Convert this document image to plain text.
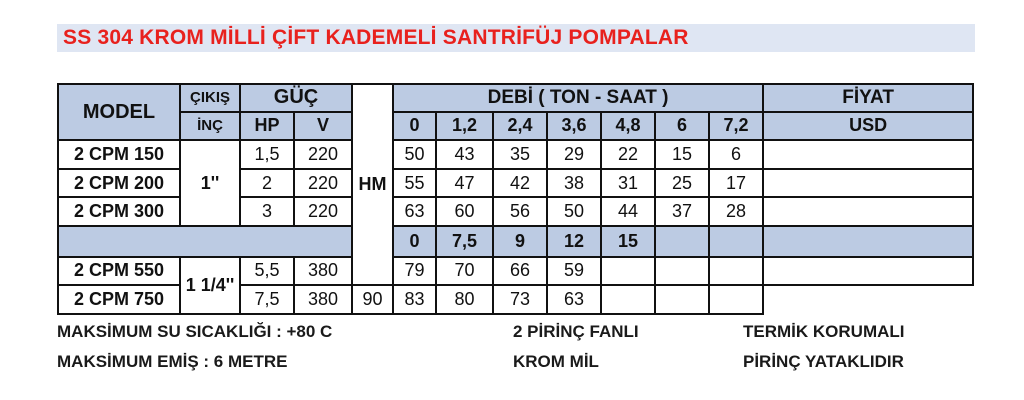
SS 304 KROM MİLLİ ÇİFT KADEMELİ SANTRİFÜJ POMPALAR
MODEL	ÇIKIŞ	GÜÇ		HM	DEBİ ( TON - SAAT )							FİYAT
	İNÇ	HP	V		0	1,2	2,4	3,6	4,8	6	7,2	USD
2 CPM 150	1''	1,5	220		50	43	35	29	22	15	6	
2 CPM 200		2	220		55	47	42	38	31	25	17	
2 CPM 300		3	220		63	60	56	50	44	37	28	
					0	7,5	9	12	15			
2 CPM 550	1 1/4''	5,5	380		79	70	66	59				
2 CPM 750		7,5	380	90	83	80	73	63				
MAKSİMUM SU SICAKLIĞI : +80 C
MAKSİMUM EMİŞ : 6 METRE
2 PİRİNÇ FANLI
KROM MİL
TERMİK KORUMALI
PİRİNÇ YATAKLIDIR
